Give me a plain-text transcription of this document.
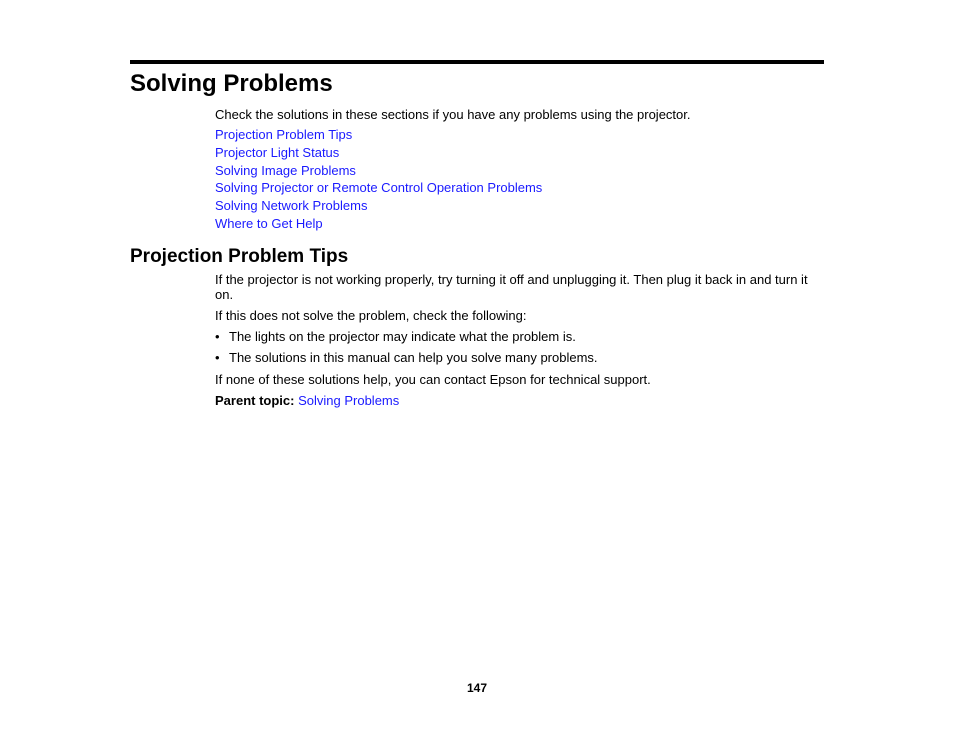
Solving Problems

Check the solutions in these sections if you have any problems using the projector.

Projection Problem Tips
Projector Light Status
Solving Image Problems
Solving Projector or Remote Control Operation Problems
Solving Network Problems
Where to Get Help
Projection Problem Tips

If the projector is not working properly, try turning it off and unplugging it. Then plug it back in and turn it on.

If this does not solve the problem, check the following:

• The lights on the projector may indicate what the problem is.
• The solutions in this manual can help you solve many problems.

If none of these solutions help, you can contact Epson for technical support.

Parent topic: Solving Problems

147
